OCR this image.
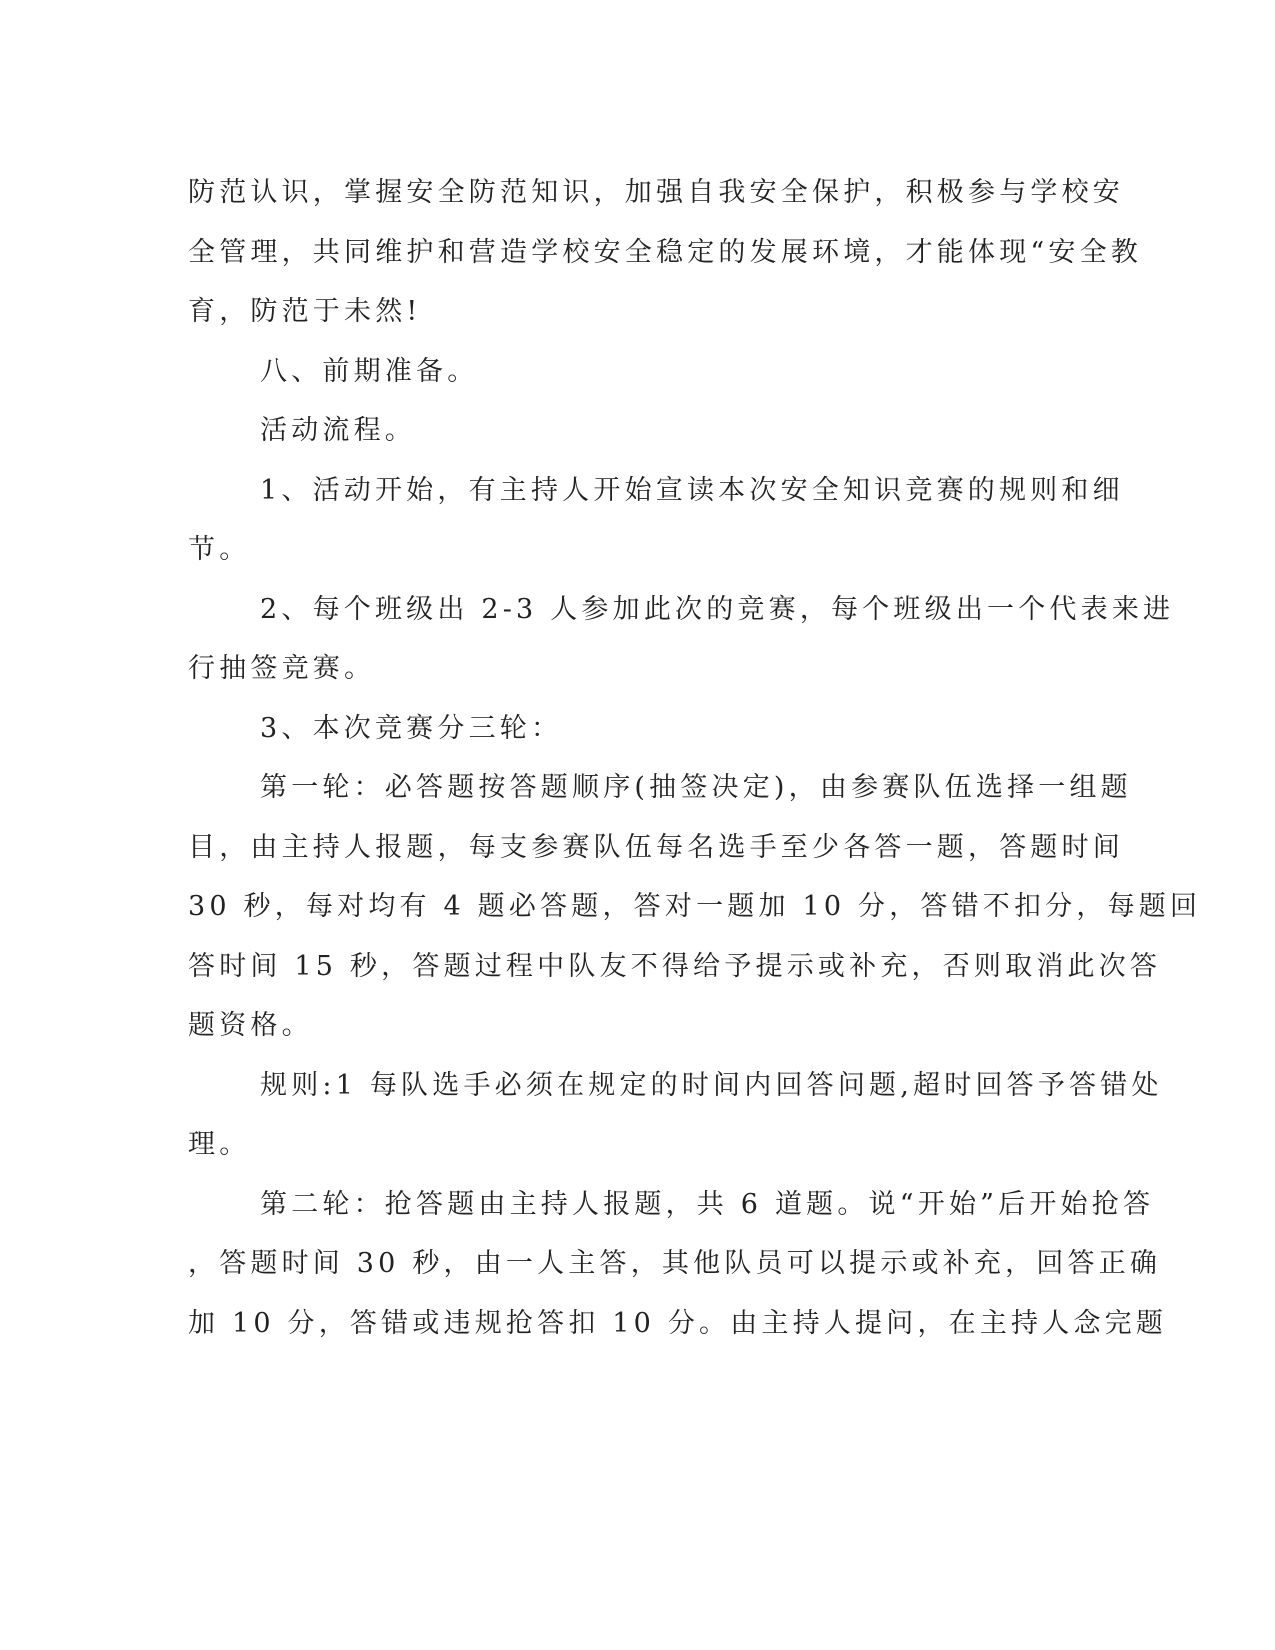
防范认识，掌握安全防范知识，加强自我安全保护，积极参与学校安
全管理，共同维护和营造学校安全稳定的发展环境，才能体现“安全教
育，防范于未然!

八、前期准备。

活动流程。

1、活动开始，有主持人开始宣读本次安全知识竞赛的规则和细
节。

2、每个班级出 2-3 人参加此次的竞赛，每个班级出一个代表来进
行抽签竞赛。

3、本次竞赛分三轮：

第一轮：必答题按答题顺序(抽签决定)，由参赛队伍选择一组题
目，由主持人报题，每支参赛队伍每名选手至少各答一题，答题时间
30 秒，每对均有 4 题必答题，答对一题加 10 分，答错不扣分，每题回
答时间 15 秒，答题过程中队友不得给予提示或补充，否则取消此次答
题资格。

规则:1 每队选手必须在规定的时间内回答问题,超时回答予答错处
理。

第二轮：抢答题由主持人报题，共 6 道题。说“开始”后开始抢答
，答题时间 30 秒，由一人主答，其他队员可以提示或补充，回答正确
加 10 分，答错或违规抢答扣 10 分。由主持人提问，在主持人念完题
